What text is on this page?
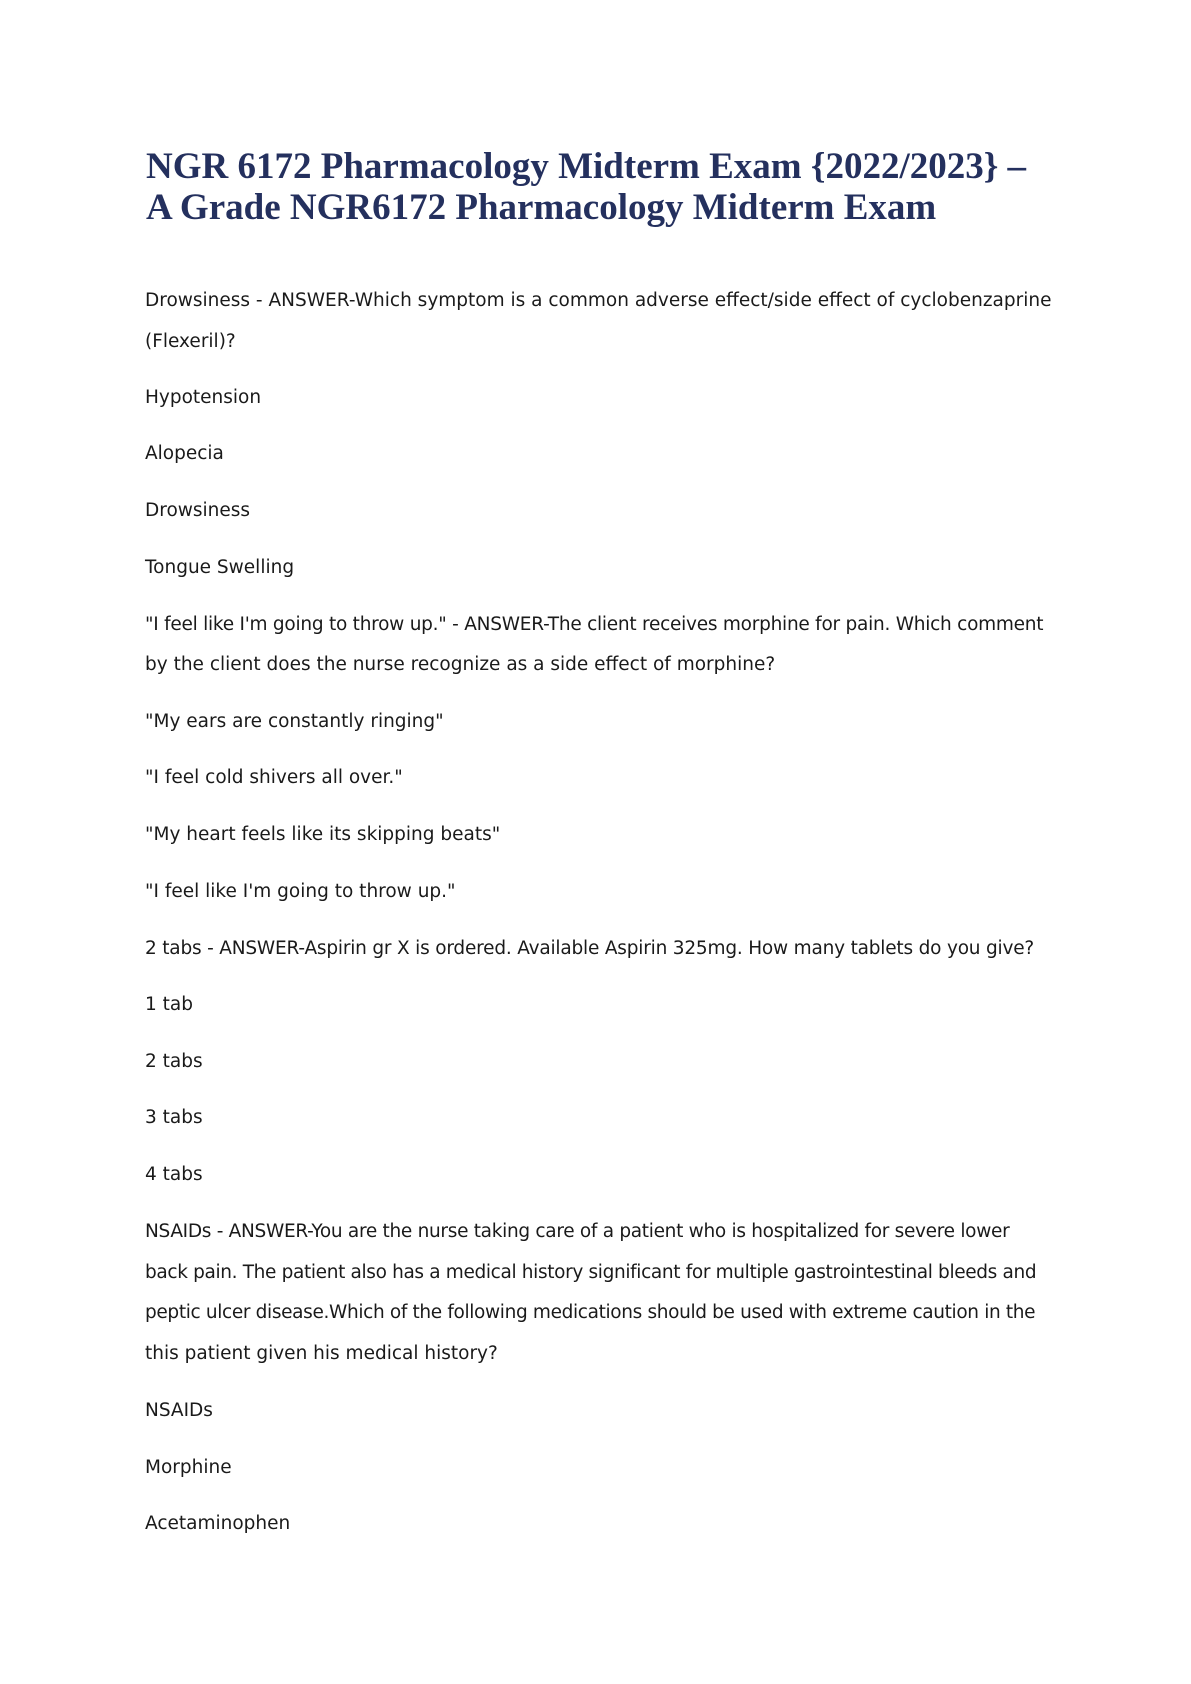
NGR 6172 Pharmacology Midterm Exam {2022/2023} –
A Grade NGR6172 Pharmacology Midterm Exam
Drowsiness - ANSWER-Which symptom is a common adverse effect/side effect of cyclobenzaprine
(Flexeril)?
Hypotension
Alopecia
Drowsiness
Tongue Swelling
"I feel like I'm going to throw up." - ANSWER-The client receives morphine for pain. Which comment
by the client does the nurse recognize as a side effect of morphine?
"My ears are constantly ringing"
"I feel cold shivers all over."
"My heart feels like its skipping beats"
"I feel like I'm going to throw up."
2 tabs - ANSWER-Aspirin gr X is ordered. Available Aspirin 325mg. How many tablets do you give?
1 tab
2 tabs
3 tabs
4 tabs
NSAIDs - ANSWER-You are the nurse taking care of a patient who is hospitalized for severe lower
back pain. The patient also has a medical history significant for multiple gastrointestinal bleeds and
peptic ulcer disease.Which of the following medications should be used with extreme caution in the
this patient given his medical history?
NSAIDs
Morphine
Acetaminophen
